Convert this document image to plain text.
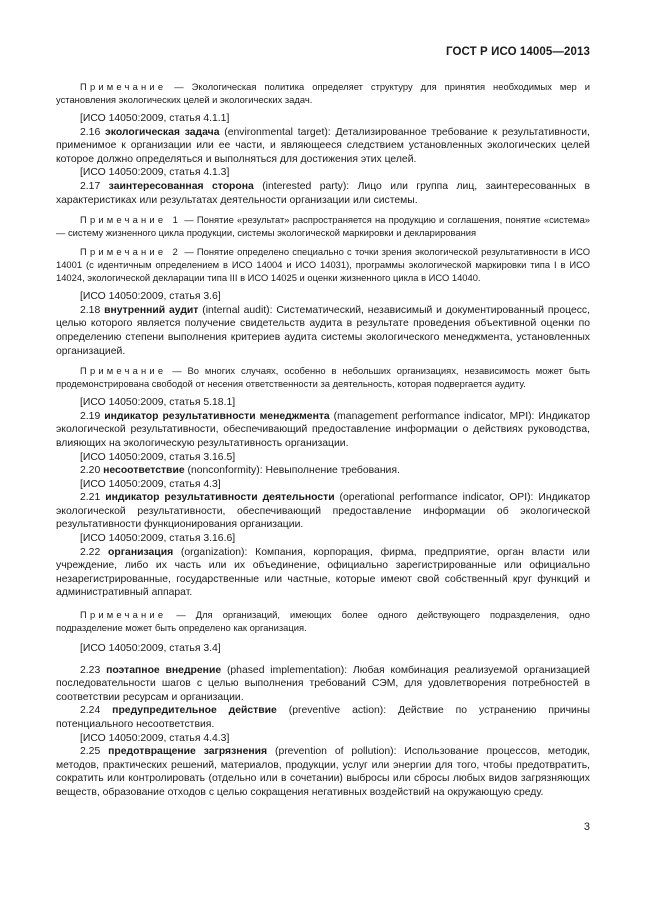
ГОСТ Р ИСО 14005—2013

Примечание — Экологическая политика определяет структуру для принятия необходимых мер и установления экологических целей и экологических задач.

[ИСО 14050:2009, статья 4.1.1]

2.16 экологическая задача (environmental target): Детализированное требование к результативности, применимое к организации или ее части, и являющееся следствием установленных экологических целей которое должно определяться и выполняться для достижения этих целей.

[ИСО 14050:2009, статья 4.1.3]

2.17 заинтересованная сторона (interested party): Лицо или группа лиц, заинтересованных в характеристиках или результатах деятельности организации или системы.

Примечание 1 — Понятие «результат» распространяется на продукцию и соглашения, понятие «система» — систему жизненного цикла продукции, системы экологической маркировки и декларирования

Примечание 2 — Понятие определено специально с точки зрения экологической результативности в ИСО 14001 (с идентичным определением в ИСО 14004 и ИСО 14031), программы экологической маркировки типа I в ИСО 14024, экологической декларации типа III в ИСО 14025 и оценки жизненного цикла в ИСО 14040.

[ИСО 14050:2009, статья 3.6]

2.18 внутренний аудит (internal audit): Систематический, независимый и документированный процесс, целью которого является получение свидетельств аудита в результате проведения объективной оценки по определению степени выполнения критериев аудита системы экологического менеджмента, установленных организацией.

Примечание — Во многих случаях, особенно в небольших организациях, независимость может быть продемонстрирована свободой от несения ответственности за деятельность, которая подвергается аудиту.

[ИСО 14050:2009, статья 5.18.1]

2.19 индикатор результативности менеджмента (management performance indicator, MPI): Индикатор экологической результативности, обеспечивающий предоставление информации о действиях руководства, влияющих на экологическую результативность организации.

[ИСО 14050:2009, статья 3.16.5]

2.20 несоответствие (nonconformity): Невыполнение требования.

[ИСО 14050:2009, статья 4.3]

2.21 индикатор результативности деятельности (operational performance indicator, OPI): Индикатор экологической результативности, обеспечивающий предоставление информации об экологической результативности функционирования организации.

[ИСО 14050:2009, статья 3.16.6]

2.22 организация (organization): Компания, корпорация, фирма, предприятие, орган власти или учреждение, либо их часть или их объединение, официально зарегистрированные или официально незарегистрированные, государственные или частные, которые имеют свой собственный круг функций и административный аппарат.

Примечание — Для организаций, имеющих более одного действующего подразделения, одно подразделение может быть определено как организация.

[ИСО 14050:2009, статья 3.4]

2.23 поэтапное внедрение (phased implementation): Любая комбинация реализуемой организацией последовательности шагов с целью выполнения требований СЭМ, для удовлетворения потребностей в соответствии ресурсам и организации.

2.24 предупредительное действие (preventive action): Действие по устранению причины потенциального несоответствия.

[ИСО 14050:2009, статья 4.4.3]

2.25 предотвращение загрязнения (prevention of pollution): Использование процессов, методик, методов, практических решений, материалов, продукции, услуг или энергии для того, чтобы предотвратить, сократить или контролировать (отдельно или в сочетании) выбросы или сбросы любых видов загрязняющих веществ, образование отходов с целью сокращения негативных воздействий на окружающую среду.

3
